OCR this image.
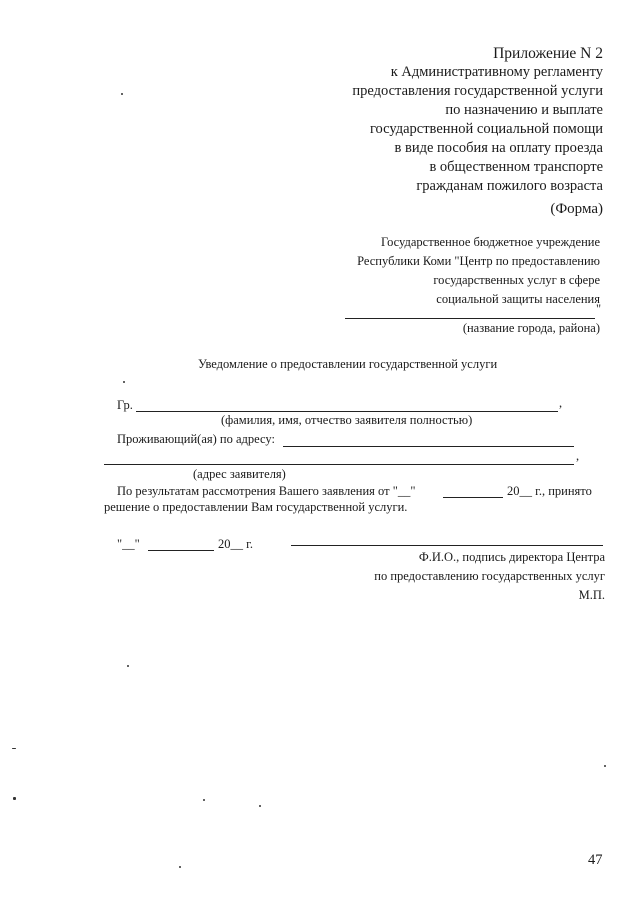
Приложение N 2
к Административному регламенту
предоставления государственной услуги
по назначению и выплате
государственной социальной помощи
в виде пособия на оплату проезда
в общественном транспорте
гражданам пожилого возраста
(Форма)
Государственное бюджетное учреждение
Республики Коми "Центр по предоставлению
государственных услуг в сфере
социальной защиты населения
"
(название города, района)
Уведомление о предоставлении государственной услуги
Гр.	,
(фамилия, имя, отчество заявителя полностью)
Проживающий(ая) по адресу:
,
(адрес заявителя)
По результатам рассмотрения Вашего заявления от "__"	20__ г., принято
решение о предоставлении Вам государственной услуги.
"__"	20__ г.
Ф.И.О., подпись директора Центра
по предоставлению государственных услуг
М.П.
47
